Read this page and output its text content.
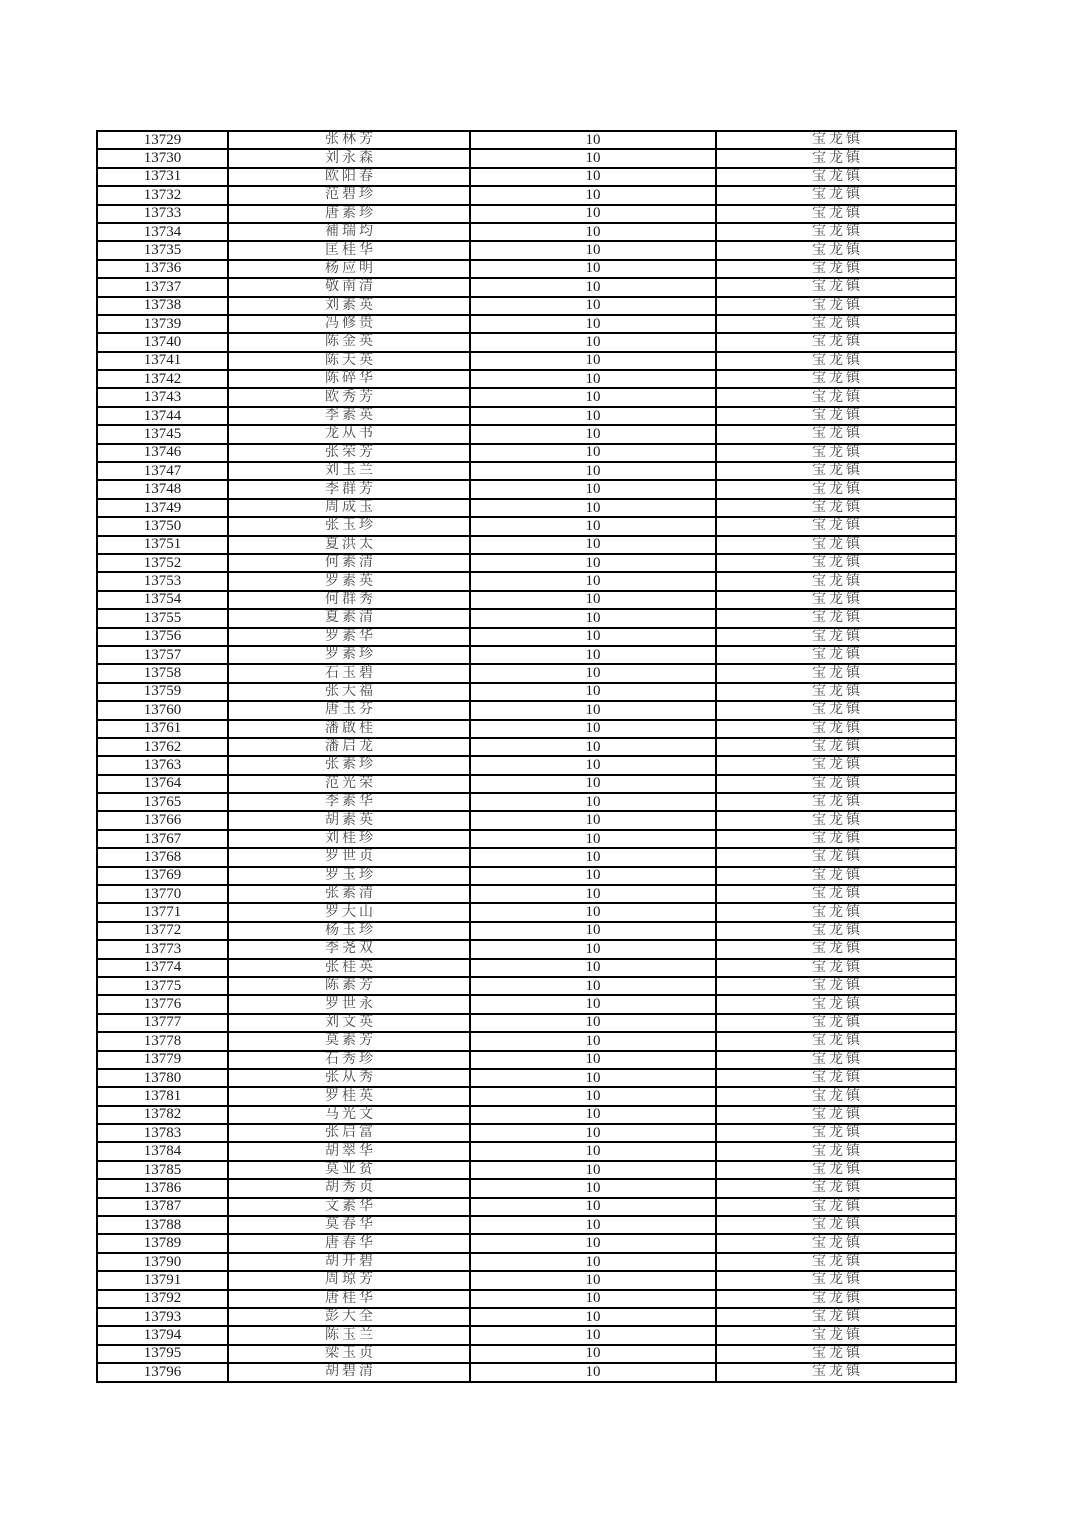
13729	张林芳	10	宝龙镇
13730	刘永森	10	宝龙镇
13731	欧阳春	10	宝龙镇
13732	范碧珍	10	宝龙镇
13733	唐素珍	10	宝龙镇
13734	補瑞均	10	宝龙镇
13735	匡桂华	10	宝龙镇
13736	杨应明	10	宝龙镇
13737	敬南清	10	宝龙镇
13738	刘素英	10	宝龙镇
13739	冯修贵	10	宝龙镇
13740	陈金英	10	宝龙镇
13741	陈天英	10	宝龙镇
13742	陈碎华	10	宝龙镇
13743	欧秀芳	10	宝龙镇
13744	李素英	10	宝龙镇
13745	龙从书	10	宝龙镇
13746	张荣芳	10	宝龙镇
13747	刘玉兰	10	宝龙镇
13748	李群芳	10	宝龙镇
13749	周成玉	10	宝龙镇
13750	张玉珍	10	宝龙镇
13751	夏洪太	10	宝龙镇
13752	何素清	10	宝龙镇
13753	罗素英	10	宝龙镇
13754	何群秀	10	宝龙镇
13755	夏素清	10	宝龙镇
13756	罗素华	10	宝龙镇
13757	罗素珍	10	宝龙镇
13758	石玉碧	10	宝龙镇
13759	张大福	10	宝龙镇
13760	唐玉芬	10	宝龙镇
13761	潘啟桂	10	宝龙镇
13762	潘启龙	10	宝龙镇
13763	张素珍	10	宝龙镇
13764	范光荣	10	宝龙镇
13765	李素华	10	宝龙镇
13766	胡素英	10	宝龙镇
13767	刘桂珍	10	宝龙镇
13768	罗世贞	10	宝龙镇
13769	罗玉珍	10	宝龙镇
13770	张素清	10	宝龙镇
13771	罗大山	10	宝龙镇
13772	杨玉珍	10	宝龙镇
13773	李尧双	10	宝龙镇
13774	张桂英	10	宝龙镇
13775	陈素芳	10	宝龙镇
13776	罗世永	10	宝龙镇
13777	刘文英	10	宝龙镇
13778	莫素芳	10	宝龙镇
13779	石秀珍	10	宝龙镇
13780	张从秀	10	宝龙镇
13781	罗桂英	10	宝龙镇
13782	马光文	10	宝龙镇
13783	张启富	10	宝龙镇
13784	胡翠华	10	宝龙镇
13785	莫亚贫	10	宝龙镇
13786	胡秀贞	10	宝龙镇
13787	文素华	10	宝龙镇
13788	莫春华	10	宝龙镇
13789	唐春华	10	宝龙镇
13790	胡开碧	10	宝龙镇
13791	周琼芳	10	宝龙镇
13792	唐桂华	10	宝龙镇
13793	彭大全	10	宝龙镇
13794	陈玉兰	10	宝龙镇
13795	梁玉贞	10	宝龙镇
13796	胡碧清	10	宝龙镇
